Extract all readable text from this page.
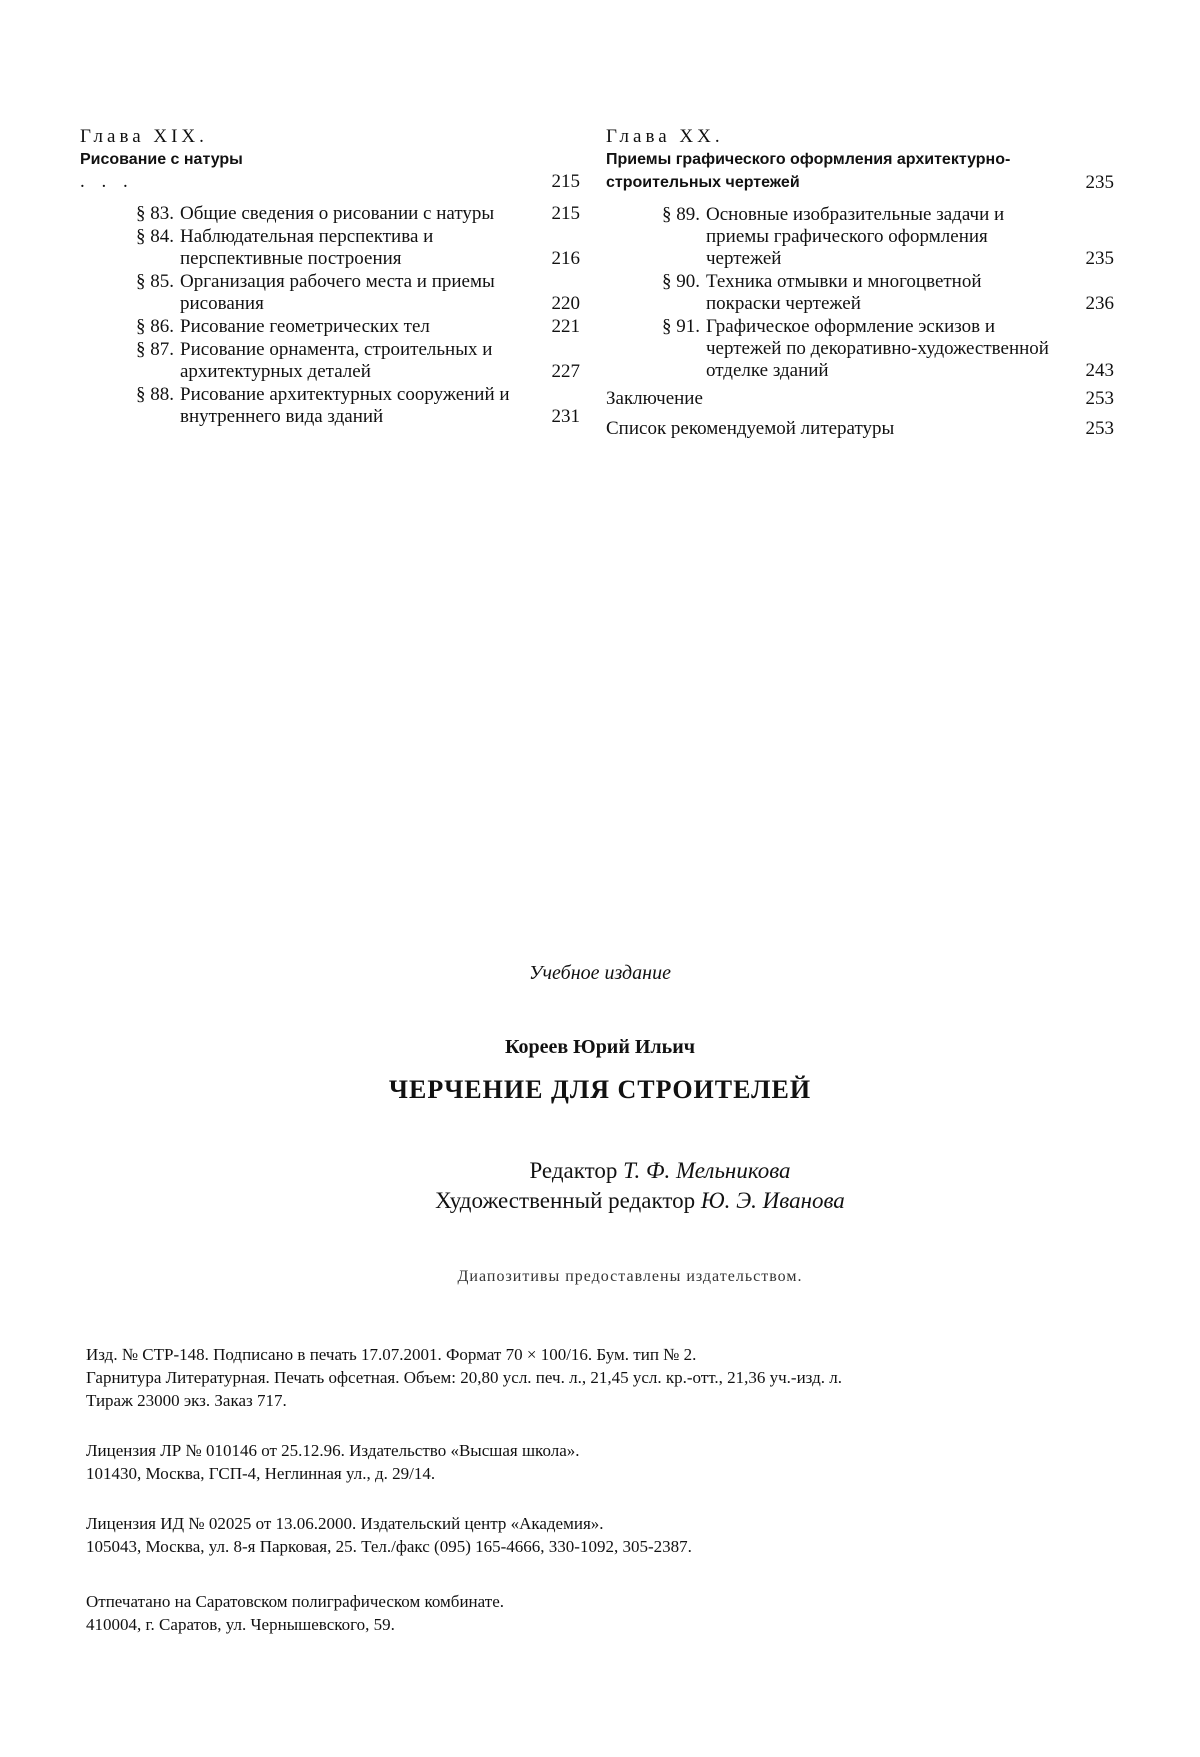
Глава XIX.
Рисование с натуры
. . .	215
§ 83. Общие сведения о рисовании с натуры	215
§ 84. Наблюдательная перспектива и перспективные построения	216
§ 85. Организация рабочего места и приемы рисования	220
§ 86. Рисование геометрических тел	221
§ 87. Рисование орнамента, строительных и архитектурных деталей	227
§ 88. Рисование архитектурных сооружений и внутреннего вида зданий	231

Глава XX.
Приемы графического оформления архитектурно-строительных чертежей	235
§ 89. Основные изобразительные задачи и приемы графического оформления чертежей	235
§ 90. Техника отмывки и многоцветной покраски чертежей	236
§ 91. Графическое оформление эскизов и чертежей по декоративно-художественной отделке зданий	243
Заключение	253
Список рекомендуемой литературы	253
Учебное издание
Кореев Юрий Ильич
ЧЕРЧЕНИЕ ДЛЯ СТРОИТЕЛЕЙ
Редактор Т. Ф. Мельникова
Художественный редактор Ю. Э. Иванова
Диапозитивы предоставлены издательством.
Изд. № СТР-148. Подписано в печать 17.07.2001. Формат 70 × 100/16. Бум. тип № 2.
Гарнитура Литературная. Печать офсетная. Объем: 20,80 усл. печ. л., 21,45 усл. кр.-отт., 21,36 уч.-изд. л.
Тираж 23000 экз. Заказ 717.
Лицензия ЛР № 010146 от 25.12.96. Издательство «Высшая школа».
101430, Москва, ГСП-4, Неглинная ул., д. 29/14.
Лицензия ИД № 02025 от 13.06.2000. Издательский центр «Академия».
105043, Москва, ул. 8-я Парковая, 25. Тел./факс (095) 165-4666, 330-1092, 305-2387.
Отпечатано на Саратовском полиграфическом комбинате.
410004, г. Саратов, ул. Чернышевского, 59.
